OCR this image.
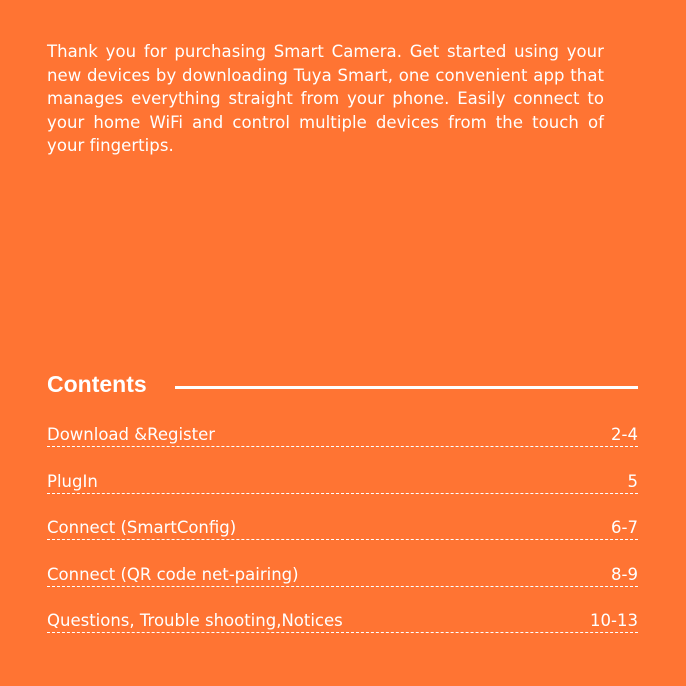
Thank you for purchasing Smart Camera. Get started using your new devices by downloading Tuya Smart, one convenient app that manages everything straight from your phone. Easily connect to your home WiFi and control multiple devices from the touch of your fingertips.

Contents
Download &Register	2-4
PlugIn	5
Connect (SmartConfig)	6-7
Connect (QR code net-pairing)	8-9
Questions, Trouble shooting,Notices	10-13
